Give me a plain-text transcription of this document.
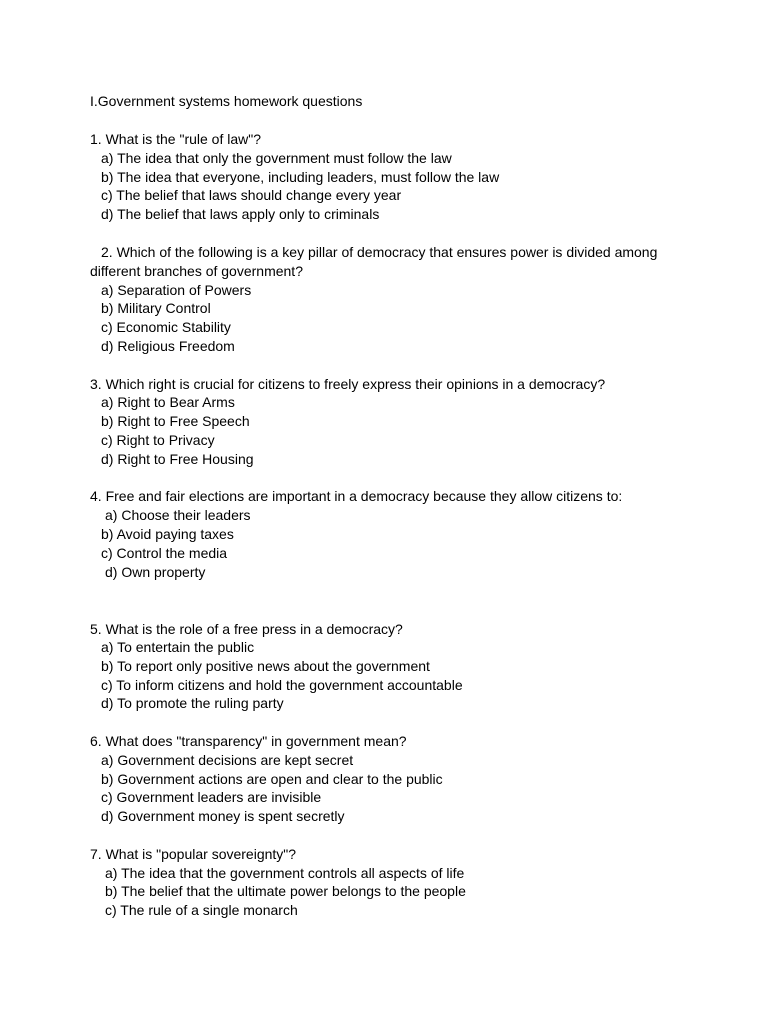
I.Government systems homework questions
1. What is the "rule of law"?
a) The idea that only the government must follow the law
b) The idea that everyone, including leaders, must follow the law
c) The belief that laws should change every year
d) The belief that laws apply only to criminals
2. Which of the following is a key pillar of democracy that ensures power is divided among
different branches of government?
a) Separation of Powers
b) Military Control
c) Economic Stability
d) Religious Freedom
3. Which right is crucial for citizens to freely express their opinions in a democracy?
a) Right to Bear Arms
b) Right to Free Speech
c) Right to Privacy
d) Right to Free Housing
4. Free and fair elections are important in a democracy because they allow citizens to:
a) Choose their leaders
b) Avoid paying taxes
c) Control the media
d) Own property
5. What is the role of a free press in a democracy?
a) To entertain the public
b) To report only positive news about the government
c) To inform citizens and hold the government accountable
d) To promote the ruling party
6. What does "transparency" in government mean?
a) Government decisions are kept secret
b) Government actions are open and clear to the public
c) Government leaders are invisible
d) Government money is spent secretly
7. What is "popular sovereignty"?
a) The idea that the government controls all aspects of life
b) The belief that the ultimate power belongs to the people
c) The rule of a single monarch
